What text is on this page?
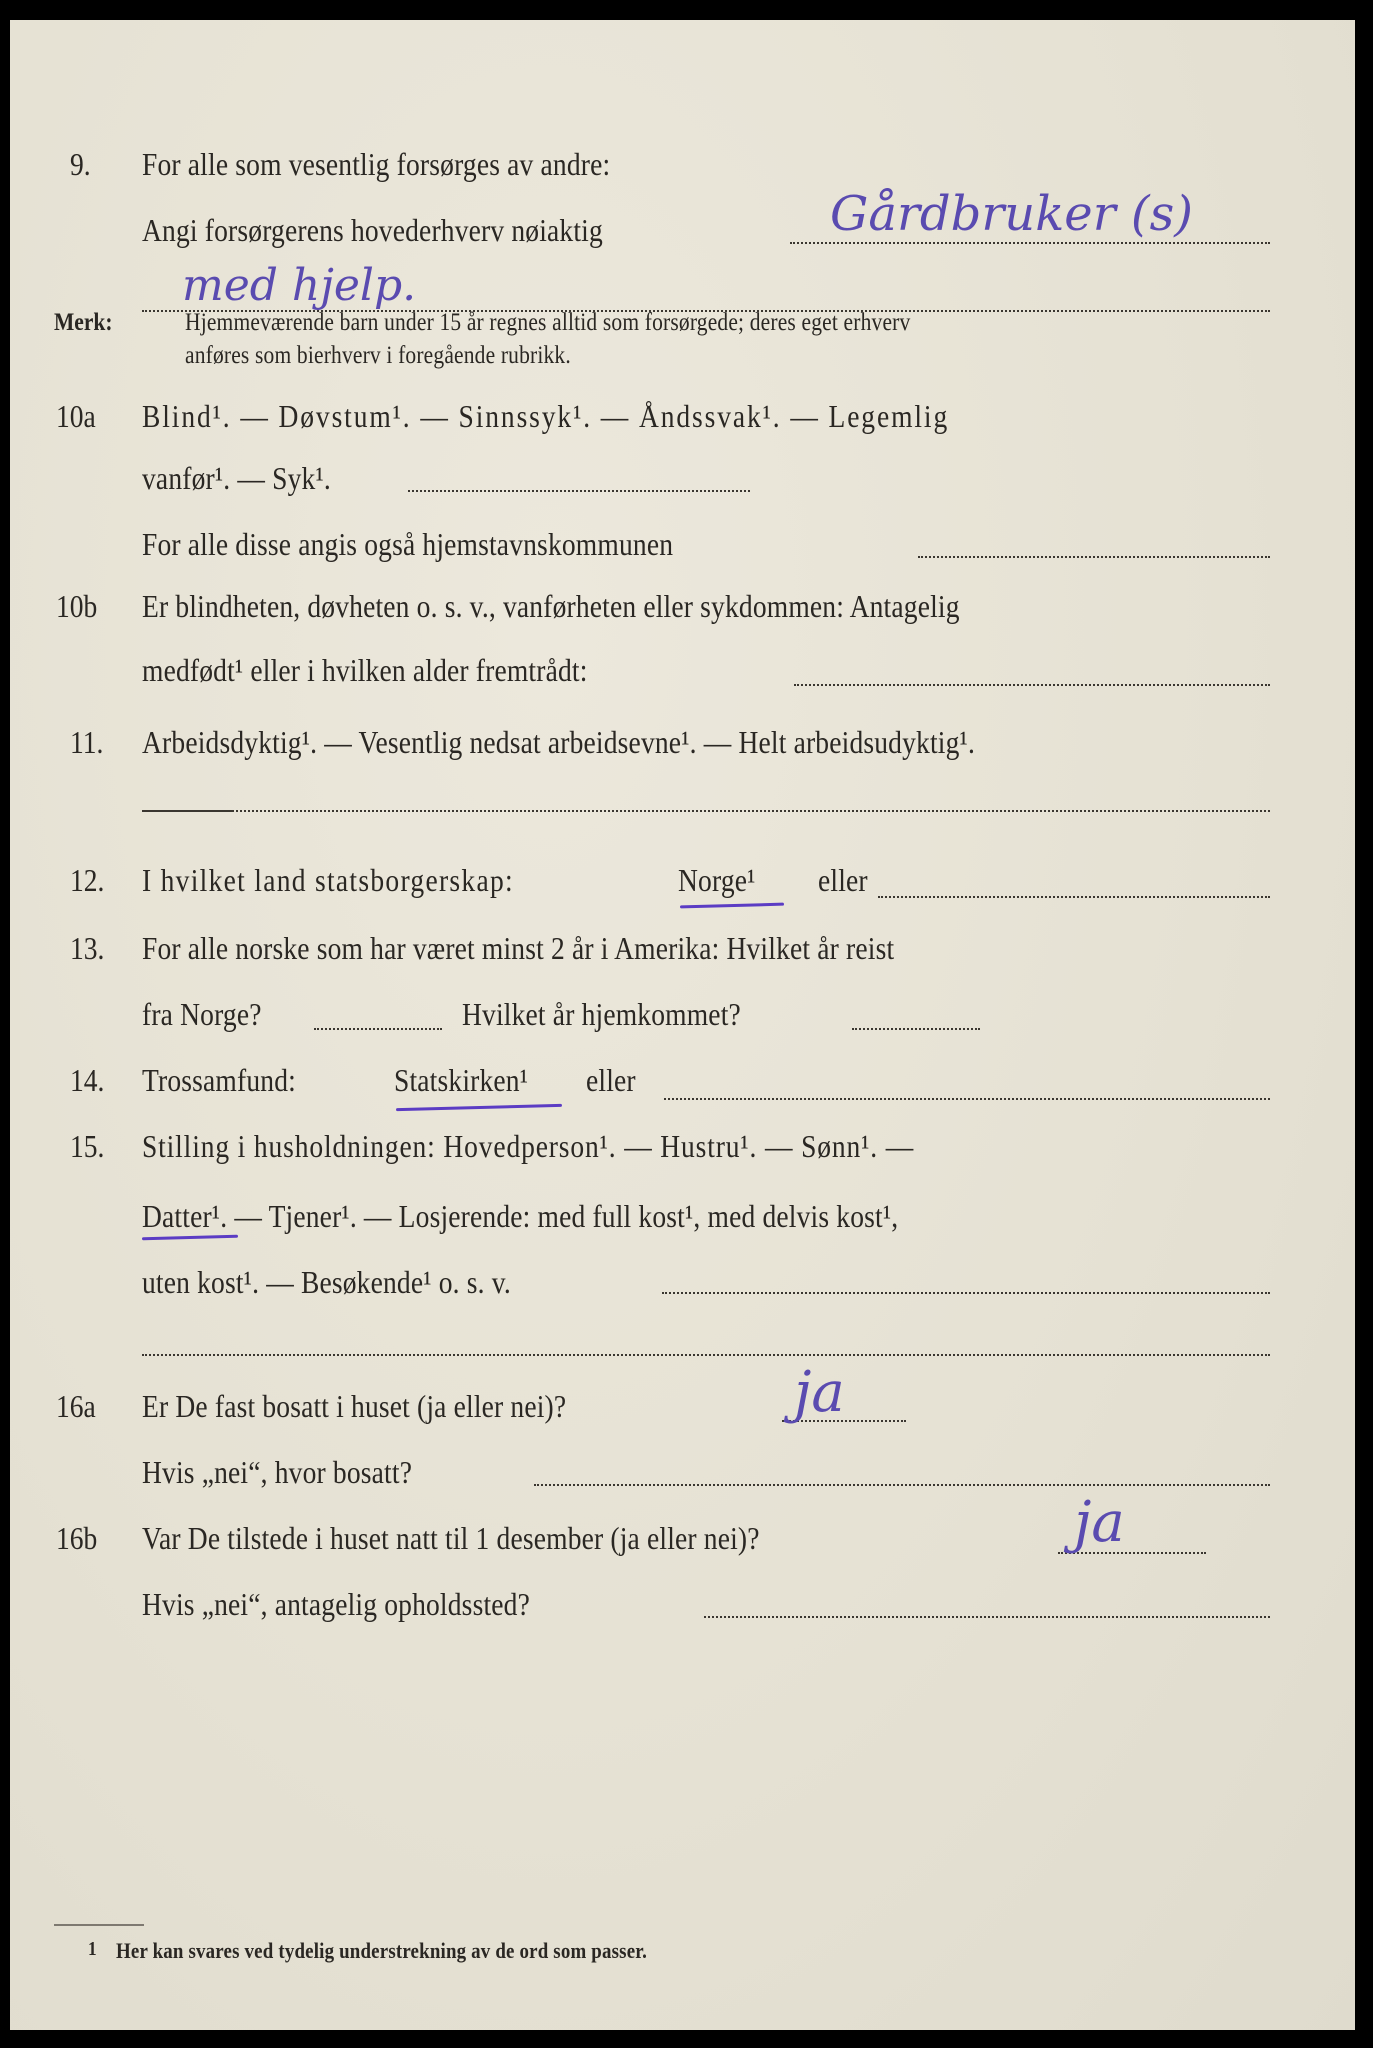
9. For alle som vesentlig forsørges av andre:
Angi forsørgerens hovederhverv nøiaktig	Gårdbruker (s)
med hjelp.
Merk:	Hjemmeværende barn under 15 år regnes alltid som forsørgede; deres eget erhverv
anføres som bierhverv i foregående rubrikk.
10a Blind¹. — Døvstum¹. — Sinnssyk¹. — Åndssvak¹. — Legemlig
vanfør¹. — Syk¹.
For alle disse angis også hjemstavnskommunen
10b Er blindheten, døvheten o. s. v., vanførheten eller sykdommen: Antagelig
medfødt¹ eller i hvilken alder fremtrådt:
11. Arbeidsdyktig¹. — Vesentlig nedsat arbeidsevne¹. — Helt arbeidsudyktig¹.
12. I hvilket land statsborgerskap:	Norge¹ eller
13. For alle norske som har været minst 2 år i Amerika: Hvilket år reist
fra Norge?	Hvilket år hjemkommet?
14. Trossamfund:	Statskirken¹ eller
15. Stilling i husholdningen: Hovedperson¹. — Hustru¹. — Sønn¹. —
Datter¹. — Tjener¹. — Losjerende: med full kost¹, med delvis kost¹,
uten kost¹. — Besøkende¹ o. s. v.
16a Er De fast bosatt i huset (ja eller nei)?	ja
Hvis „nei“, hvor bosatt?
16b Var De tilstede i huset natt til 1 desember (ja eller nei)?	ja
Hvis „nei“, antagelig opholdssted?
1 Her kan svares ved tydelig understrekning av de ord som passer.
